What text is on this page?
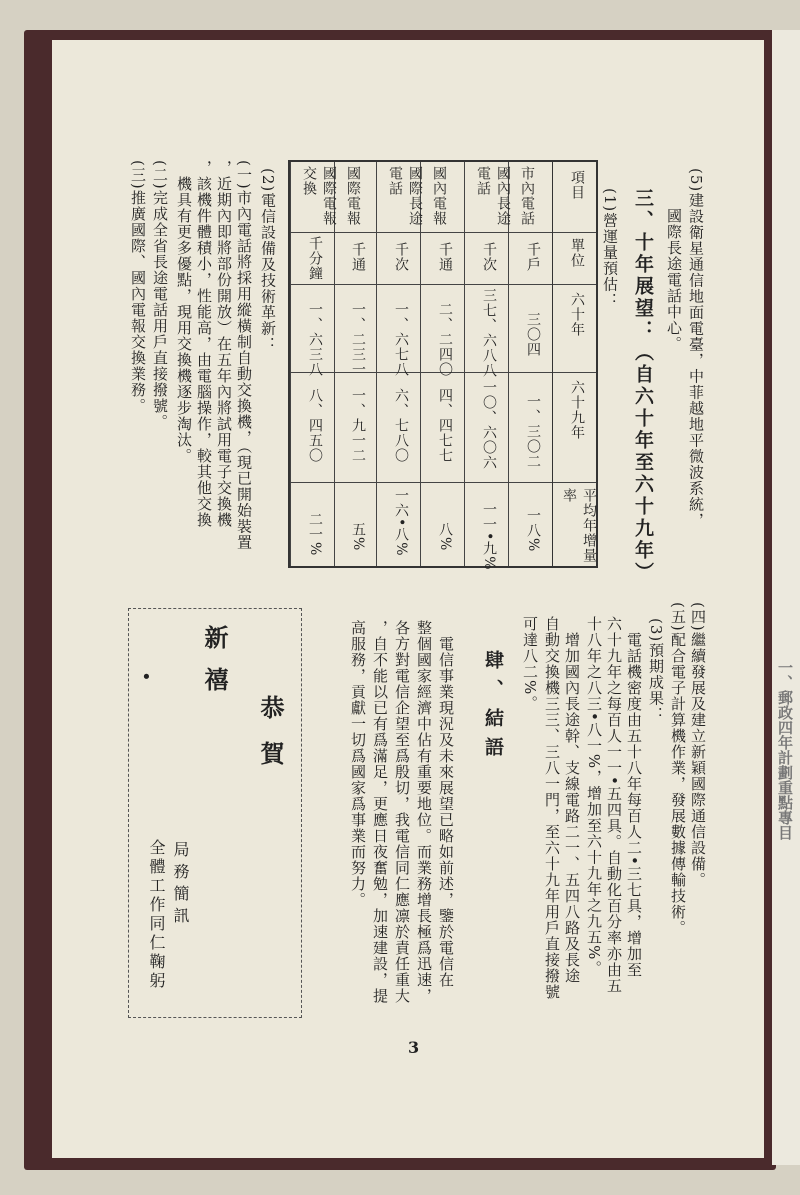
一、郵政四年計劃重點專目
(5)建設衛星通信地面電臺，中菲越地平微波系統，
國際長途電話中心。
三、十年展望：（自六十年至六十九年）
(1)營運量預估：
項目
單位
六十年
六十九年
平均年增量率
市內電話
千戶
三〇四
一、三〇二
一八%
國內長途電話
千次
三七、六八八
一〇、六〇六
一一•九%
國內電報
千通
二、二四〇
四、四七七
八%
國際長途電話
千次
一、六七八
六、七八〇
一六•八%
國際電報
千通
一、二三一
一、九一二
五%
國際電報交換
千分鐘
一、六三八
八、四五〇
二一%
(2)電信設備及技術革新：
(一)市內電話將採用縱橫制自動交換機，（現已開始裝置
，近期內即將部份開放）在五年內將試用電子交換機
，該機件體積小，性能高，由電腦操作，較其他交換
機具有更多優點，現用交換機逐步淘汰。
(二)完成全省長途電話用戶直接撥號。
(三)推廣國際、國內電報交換業務。
(四)繼續發展及建立新穎國際通信設備。
(五)配合電子計算機作業，發展數據傳輸技術。
(3)預期成果：
電話機密度由五十八年每百人二•三七具，增加至
六十九年之每百人一一•五四具。自動化百分率亦由五
十八年之八三•八一%，增加至六十九年之九五%。
增加國內長途幹、支線電路二一、五四八路及長途
自動交換機三三、三八一門，至六十九年用戶直接撥號
可達八二%。
肆、結語
電信事業現況及未來展望已略如前述，鑒於電信在
整個國家經濟中佔有重要地位。而業務增長極爲迅速，
各方對電信企望至爲殷切，我電信同仁應凛於責任重大
，自不能以已有爲滿足，更應日夜奮勉，加速建設，提
高服務，貢獻一切爲國家爲事業而努力。
新禧
恭賀
•
局務簡訊
全體工作同仁鞠躬
3
